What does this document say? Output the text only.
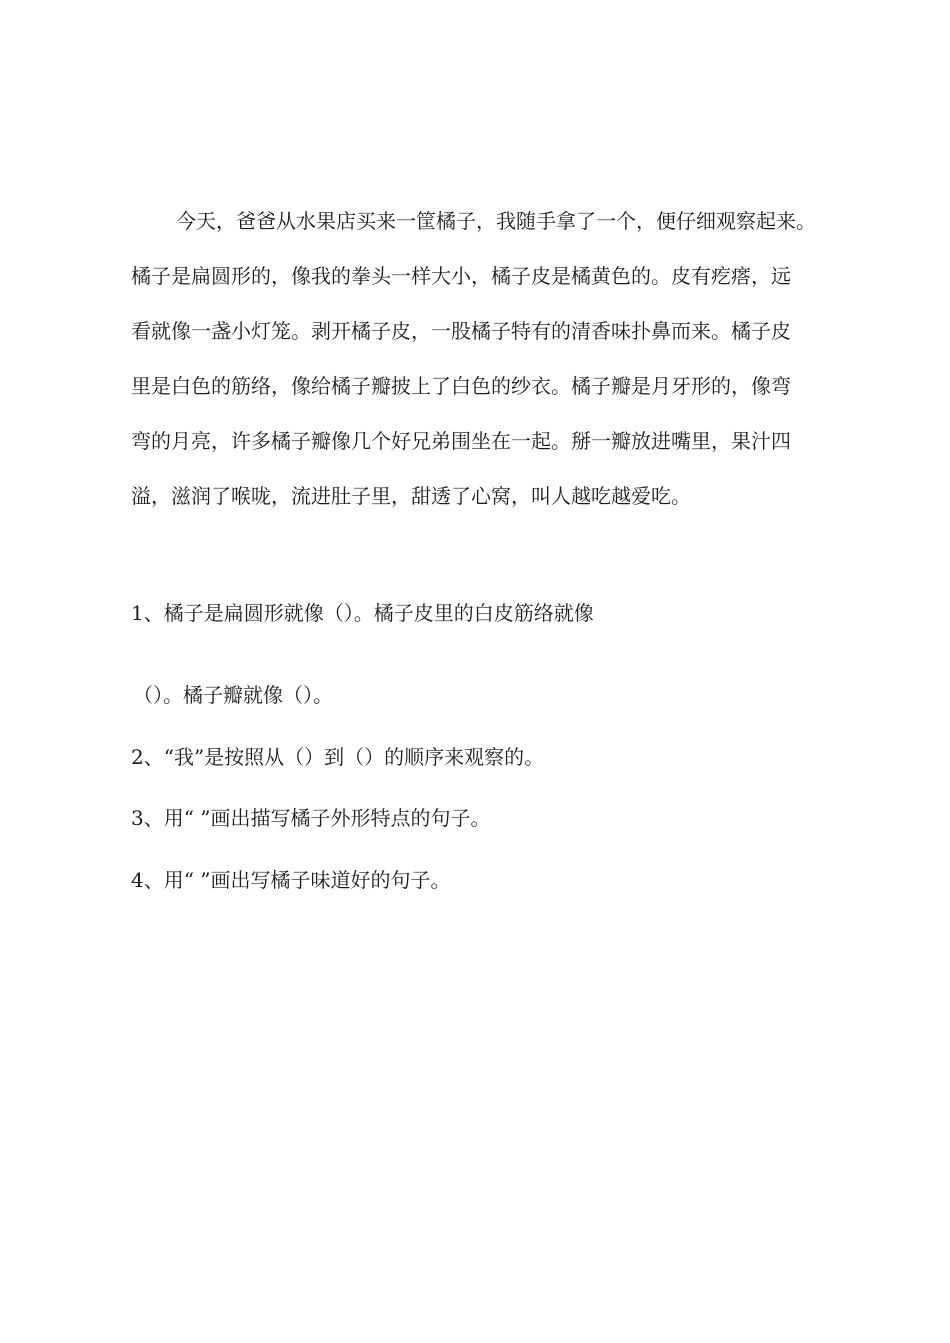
今天，爸爸从水果店买来一筐橘子，我随手拿了一个，便仔细观察起来。
橘子是扁圆形的，像我的拳头一样大小，橘子皮是橘黄色的。皮有疙瘩，远
看就像一盏小灯笼。剥开橘子皮，一股橘子特有的清香味扑鼻而来。橘子皮
里是白色的筋络，像给橘子瓣披上了白色的纱衣。橘子瓣是月牙形的，像弯
弯的月亮，许多橘子瓣像几个好兄弟围坐在一起。掰一瓣放进嘴里，果汁四
溢，滋润了喉咙，流进肚子里，甜透了心窝，叫人越吃越爱吃。
1、橘子是扁圆形就像（）。橘子皮里的白皮筋络就像
（）。橘子瓣就像（）。
2、“我”是按照从（）到（）的顺序来观察的。
3、用“ ”画出描写橘子外形特点的句子。
4、用“ ”画出写橘子味道好的句子。
